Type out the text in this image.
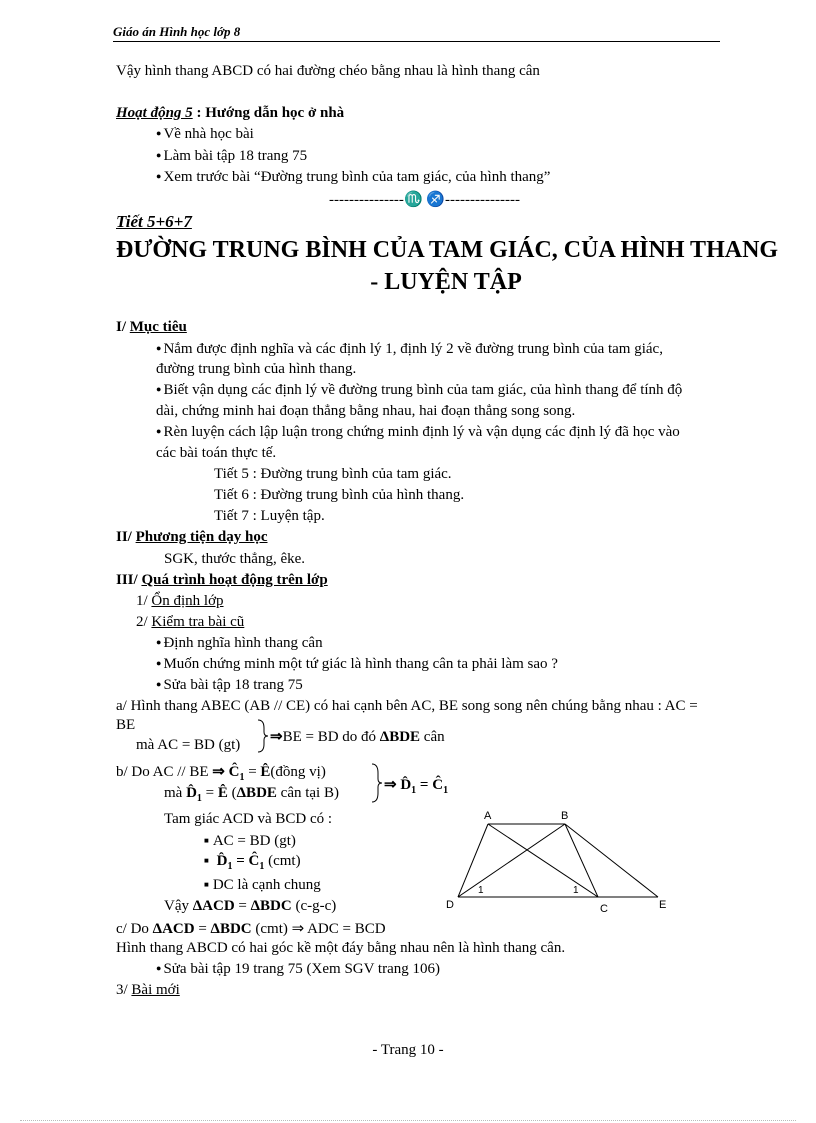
Giáo án Hình học lớp 8
Vậy hình thang ABCD có hai đường chéo bằng nhau là hình thang cân
Hoạt động 5 : Hướng dẫn học ở nhà
● Về nhà học bài
● Làm bài tập 18 trang 75
● Xem trước bài “Đường trung bình của tam giác, của hình thang”
---------------♏ ♐---------------
Tiết 5+6+7
ĐƯỜNG TRUNG BÌNH CỦA TAM GIÁC, CỦA HÌNH THANG
- LUYỆN TẬP
I/ Mục tiêu
● Nắm được định nghĩa và các định lý 1, định lý 2 về đường trung bình của tam giác,
đường trung bình của hình thang.
● Biết vận dụng các định lý về đường trung bình của tam giác, của hình thang để tính độ
dài, chứng minh hai đoạn thẳng bằng nhau, hai đoạn thẳng song song.
● Rèn luyện cách lập luận trong chứng minh định lý và vận dụng các định lý đã học vào
các bài toán thực tế.
Tiết 5 : Đường trung bình của tam giác.
Tiết 6 : Đường trung bình của hình thang.
Tiết 7 : Luyện tập.
II/ Phương tiện dạy học
SGK, thước thẳng, êke.
III/ Quá trình hoạt động trên lớp
1/ Ổn định lớp
2/ Kiểm tra bài cũ
● Định nghĩa hình thang cân
● Muốn chứng minh một tứ giác là hình thang cân ta phải làm sao ?
● Sửa bài tập 18 trang 75
a/ Hình thang ABEC (AB // CE) có hai cạnh bên AC, BE song song nên chúng bằng nhau : AC =
BE
mà AC = BD (gt) ⇒BE = BD do đó ΔBDE cân
b/ Do AC // BE ⇒ $Ĉ_1$ = Ê(đồng vị)
mà $D̂_1$ = Ê (ΔBDE cân tại B)	⇒ $D̂_1$ = $Ĉ_1$
Tam giác ACD và BCD có :
■ AC = BD (gt)
■ $D̂_1$ = $Ĉ_1$ (cmt)
■ DC là cạnh chung
Vậy ΔACD = ΔBDC (c-g-c)
c/ Do ΔACD = ΔBDC (cmt) ⇒ ADC = BCD
Hình thang ABCD có hai góc kề một đáy bằng nhau nên là hình thang cân.
● Sửa bài tập 19 trang 75 (Xem SGV trang 106)
3/ Bài mới
A	B
D	C	E
1	1
- Trang 10 -
